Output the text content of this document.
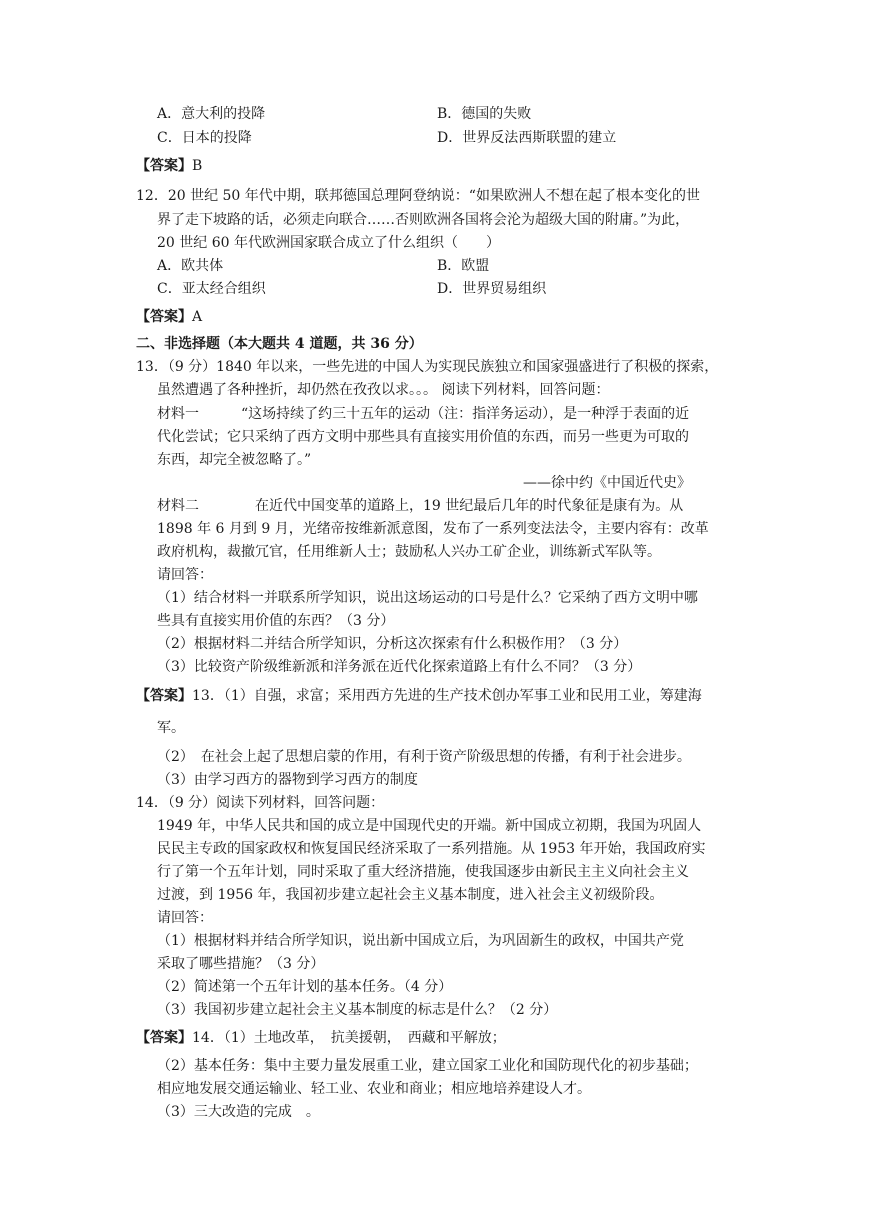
A．意大利的投降	B．德国的失败
C．日本的投降	D．世界反法西斯联盟的建立
【答案】B
12．20 世纪 50 年代中期，联邦德国总理阿登纳说：“如果欧洲人不想在起了根本变化的世
界了走下坡路的话，必须走向联合……否则欧洲各国将会沦为超级大国的附庸。”为此，
20 世纪 60 年代欧洲国家联合成立了什么组织（　　）
A．欧共体	B．欧盟
C．亚太经合组织	D．世界贸易组织
【答案】A
二、非选择题（本大题共 4 道题，共 36 分）
13．（9 分）1840 年以来，一些先进的中国人为实现民族独立和国家强盛进行了积极的探索，
虽然遭遇了各种挫折，却仍然在孜孜以求。。。 阅读下列材料，回答问题：
材料一　　　“这场持续了约三十五年的运动（注：指洋务运动），是一种浮于表面的近
代化尝试；它只采纳了西方文明中那些具有直接实用价值的东西，而另一些更为可取的
东西，却完全被忽略了。”
——徐中约《中国近代史》
材料二　　　　在近代中国变革的道路上，19 世纪最后几年的时代象征是康有为。从
1898 年 6 月到 9 月，光绪帝按维新派意图，发布了一系列变法法令，主要内容有：改革
政府机构，裁撤冗官，任用维新人士；鼓励私人兴办工矿企业，训练新式军队等。
请回答：
（1）结合材料一并联系所学知识，说出这场运动的口号是什么？它采纳了西方文明中哪
些具有直接实用价值的东西？（3 分）
（2）根据材料二并结合所学知识，分析这次探索有什么积极作用？（3 分）
（3）比较资产阶级维新派和洋务派在近代化探索道路上有什么不同？（3 分）
【答案】13．（1）自强，求富；采用西方先进的生产技术创办军事工业和民用工业，筹建海
军。
（2）　在社会上起了思想启蒙的作用，有利于资产阶级思想的传播，有利于社会进步。
（3）由学习西方的器物到学习西方的制度
14．（9 分）阅读下列材料，回答问题：
1949 年，中华人民共和国的成立是中国现代史的开端。新中国成立初期，我国为巩固人
民民主专政的国家政权和恢复国民经济采取了一系列措施。从 1953 年开始，我国政府实
行了第一个五年计划，同时采取了重大经济措施，使我国逐步由新民主主义向社会主义
过渡，到 1956 年，我国初步建立起社会主义基本制度，进入社会主义初级阶段。
请回答：
（1）根据材料并结合所学知识，说出新中国成立后，为巩固新生的政权，中国共产党
采取了哪些措施？（3 分）
（2）简述第一个五年计划的基本任务。（4 分）
（3）我国初步建立起社会主义基本制度的标志是什么？（2 分）
【答案】14．（1）土地改革，　抗美援朝，　西藏和平解放；
（2）基本任务：集中主要力量发展重工业，建立国家工业化和国防现代化的初步基础；
相应地发展交通运输业、轻工业、农业和商业；相应地培养建设人才。
（3）三大改造的完成　。
